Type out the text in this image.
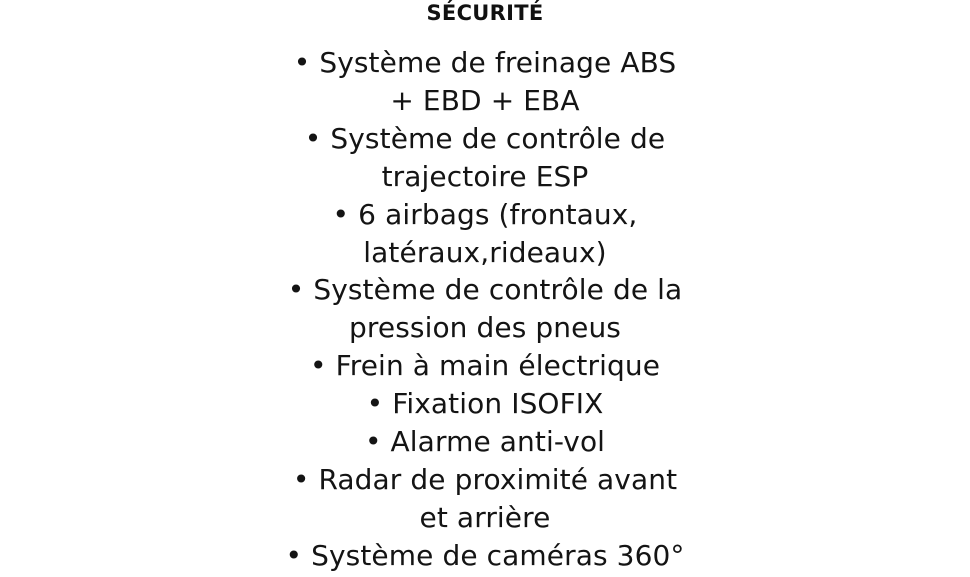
SÉCURITÉ
• Système de freinage ABS
+ EBD + EBA
• Système de contrôle de
trajectoire ESP
• 6 airbags (frontaux,
latéraux,rideaux)
• Système de contrôle de la
pression des pneus
• Frein à main électrique
• Fixation ISOFIX
• Alarme anti-vol
• Radar de proximité avant
et arrière
• Système de caméras 360°
